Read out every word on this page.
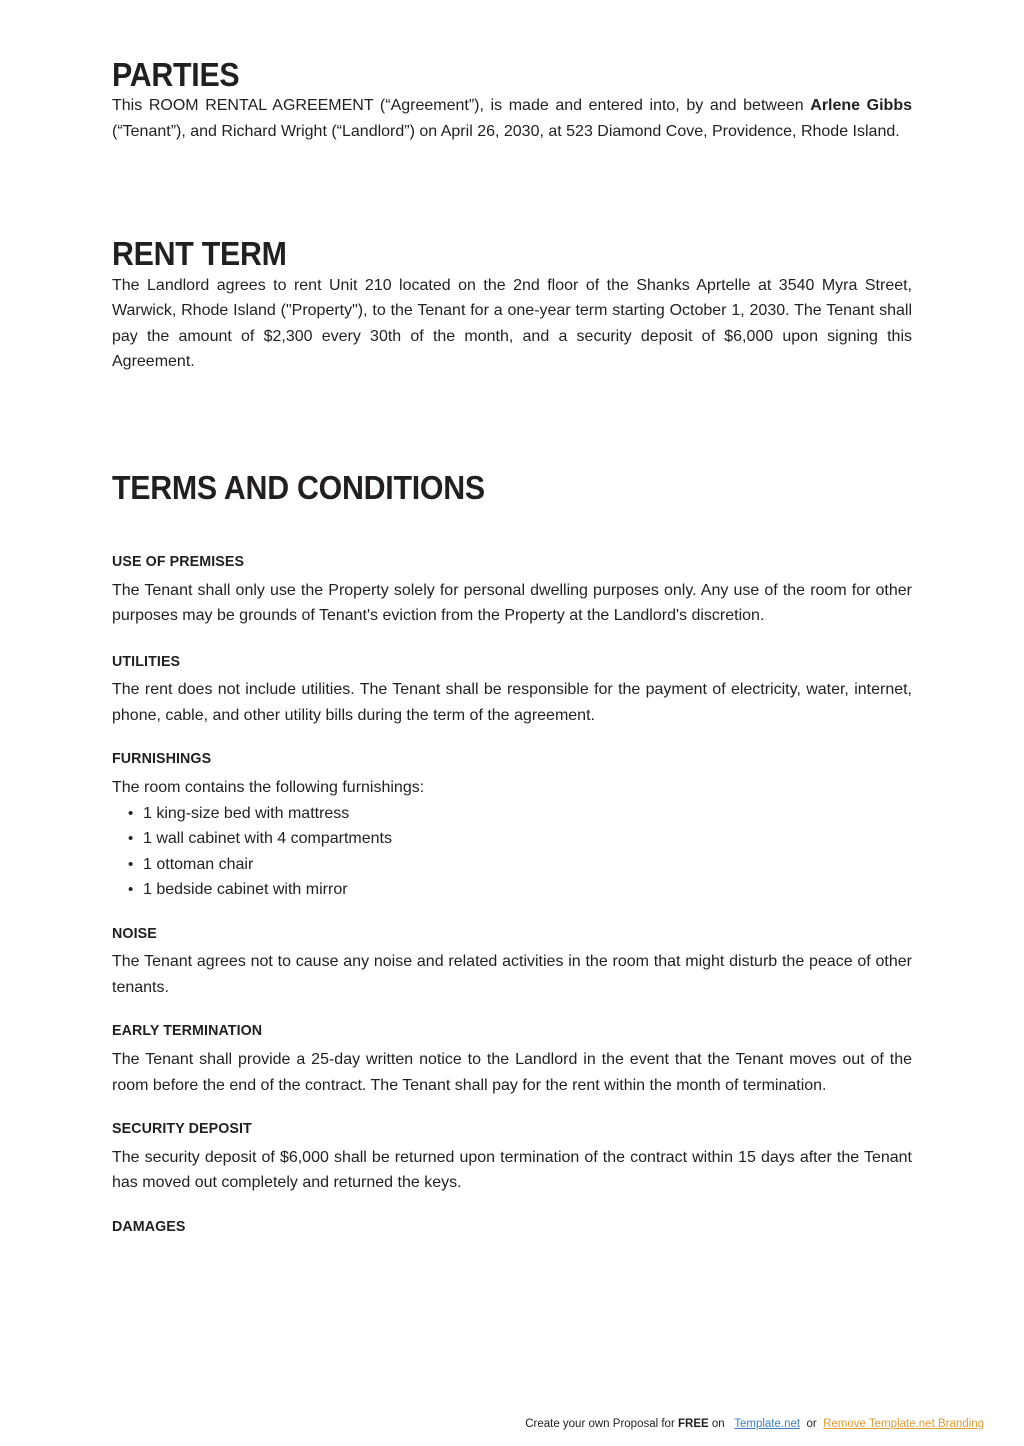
PARTIES

This ROOM RENTAL AGREEMENT (“Agreement”), is made and entered into, by and between Arlene Gibbs (“Tenant”), and Richard Wright (“Landlord”) on April 26, 2030, at 523 Diamond Cove, Providence, Rhode Island.

RENT TERM

The Landlord agrees to rent Unit 210 located on the 2nd floor of the Shanks Aprtelle at 3540 Myra Street, Warwick, Rhode Island ("Property"), to the Tenant for a one-year term starting October 1, 2030. The Tenant shall pay the amount of $2,300 every 30th of the month, and a security deposit of $6,000 upon signing this Agreement.

TERMS AND CONDITIONS
USE OF PREMISES

The Tenant shall only use the Property solely for personal dwelling purposes only. Any use of the room for other purposes may be grounds of Tenant's eviction from the Property at the Landlord's discretion.

UTILITIES

The rent does not include utilities. The Tenant shall be responsible for the payment of electricity, water, internet, phone, cable, and other utility bills during the term of the agreement.

FURNISHINGS

The room contains the following furnishings:

• 1 king-size bed with mattress
• 1 wall cabinet with 4 compartments
• 1 ottoman chair
• 1 bedside cabinet with mirror
NOISE

The Tenant agrees not to cause any noise and related activities in the room that might disturb the peace of other tenants.

EARLY TERMINATION

The Tenant shall provide a 25-day written notice to the Landlord in the event that the Tenant moves out of the room before the end of the contract. The Tenant shall pay for the rent within the month of termination.

SECURITY DEPOSIT

The security deposit of $6,000 shall be returned upon termination of the contract within 15 days after the Tenant has moved out completely and returned the keys.

DAMAGES
Create your own Proposal for FREE on Template.net or Remove Template.net Branding
